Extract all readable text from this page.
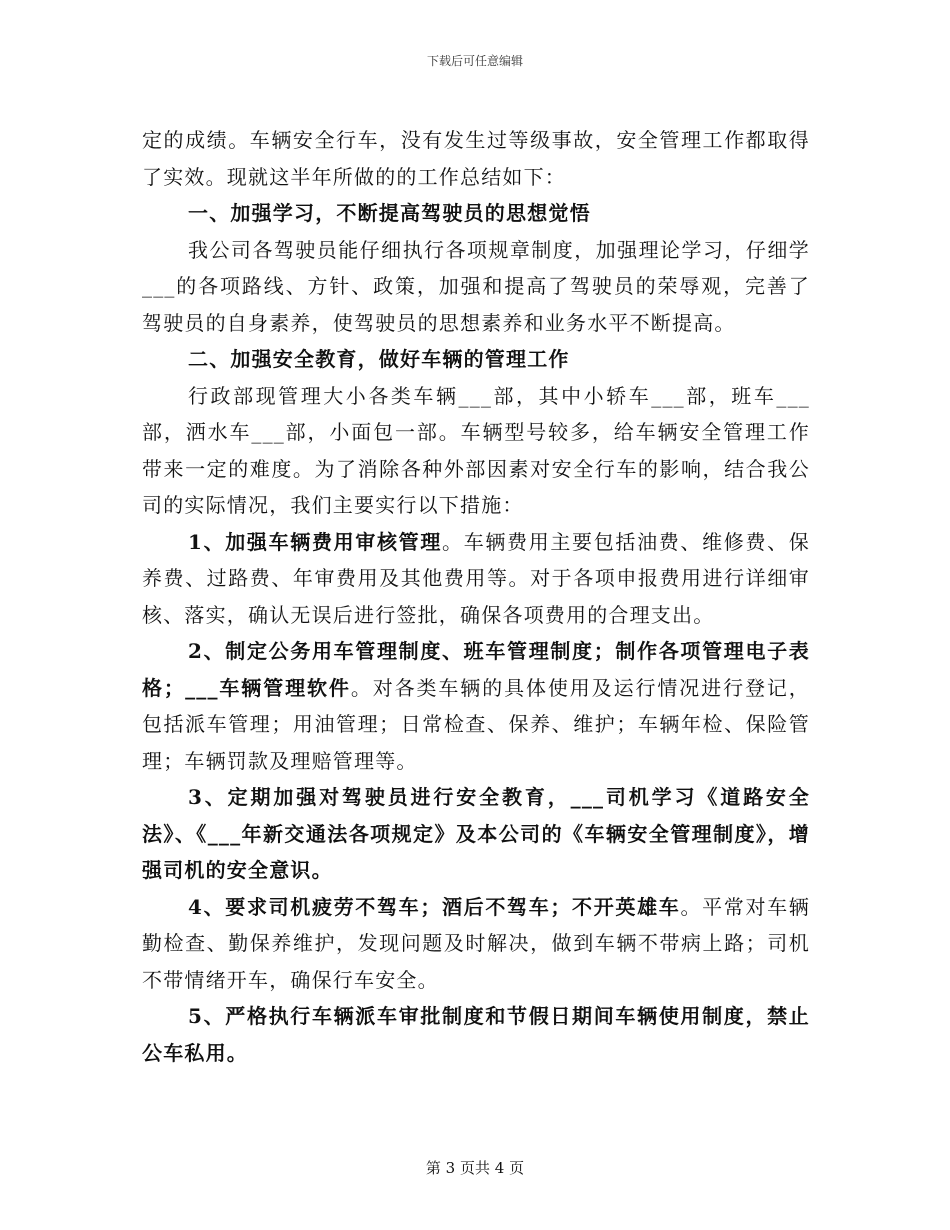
下载后可任意编辑

定的成绩。车辆安全行车，没有发生过等级事故，安全管理工作都取得了实效。现就这半年所做的的工作总结如下：

一、加强学习，不断提高驾驶员的思想觉悟

我公司各驾驶员能仔细执行各项规章制度，加强理论学习，仔细学___的各项路线、方针、政策，加强和提高了驾驶员的荣辱观，完善了驾驶员的自身素养，使驾驶员的思想素养和业务水平不断提高。

二、加强安全教育，做好车辆的管理工作

行政部现管理大小各类车辆___部，其中小轿车___部，班车___部，洒水车___部，小面包一部。车辆型号较多，给车辆安全管理工作带来一定的难度。为了消除各种外部因素对安全行车的影响，结合我公司的实际情况，我们主要实行以下措施：

1、加强车辆费用审核管理。车辆费用主要包括油费、维修费、保养费、过路费、年审费用及其他费用等。对于各项申报费用进行详细审核、落实，确认无误后进行签批，确保各项费用的合理支出。

2、制定公务用车管理制度、班车管理制度；制作各项管理电子表格；___车辆管理软件。对各类车辆的具体使用及运行情况进行登记，包括派车管理；用油管理；日常检查、保养、维护；车辆年检、保险管理；车辆罚款及理赔管理等。

3、定期加强对驾驶员进行安全教育，___司机学习《道路安全法》、《___年新交通法各项规定》及本公司的《车辆安全管理制度》，增强司机的安全意识。

4、要求司机疲劳不驾车；酒后不驾车；不开英雄车。平常对车辆勤检查、勤保养维护，发现问题及时解决，做到车辆不带病上路；司机不带情绪开车，确保行车安全。

5、严格执行车辆派车审批制度和节假日期间车辆使用制度，禁止公车私用。

第 3 页共 4 页
